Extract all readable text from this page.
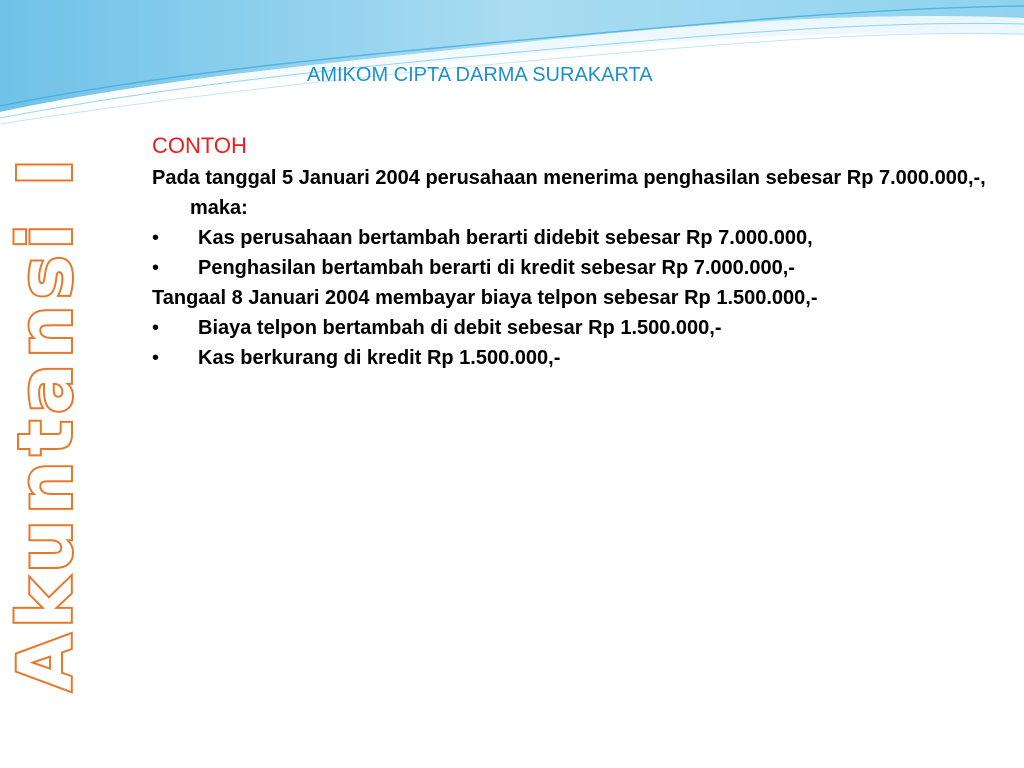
AMIKOM CIPTA DARMA SURAKARTA
Akuntansi I
CONTOH
Pada tanggal 5 Januari 2004 perusahaan menerima penghasilan sebesar Rp 7.000.000,-, maka:
•	Kas perusahaan bertambah berarti didebit sebesar Rp 7.000.000,
•	Penghasilan bertambah berarti di kredit sebesar Rp 7.000.000,-
Tangaal 8 Januari 2004 membayar biaya telpon sebesar Rp 1.500.000,-
•	Biaya telpon bertambah di debit sebesar Rp 1.500.000,-
•	Kas berkurang di kredit Rp 1.500.000,-
